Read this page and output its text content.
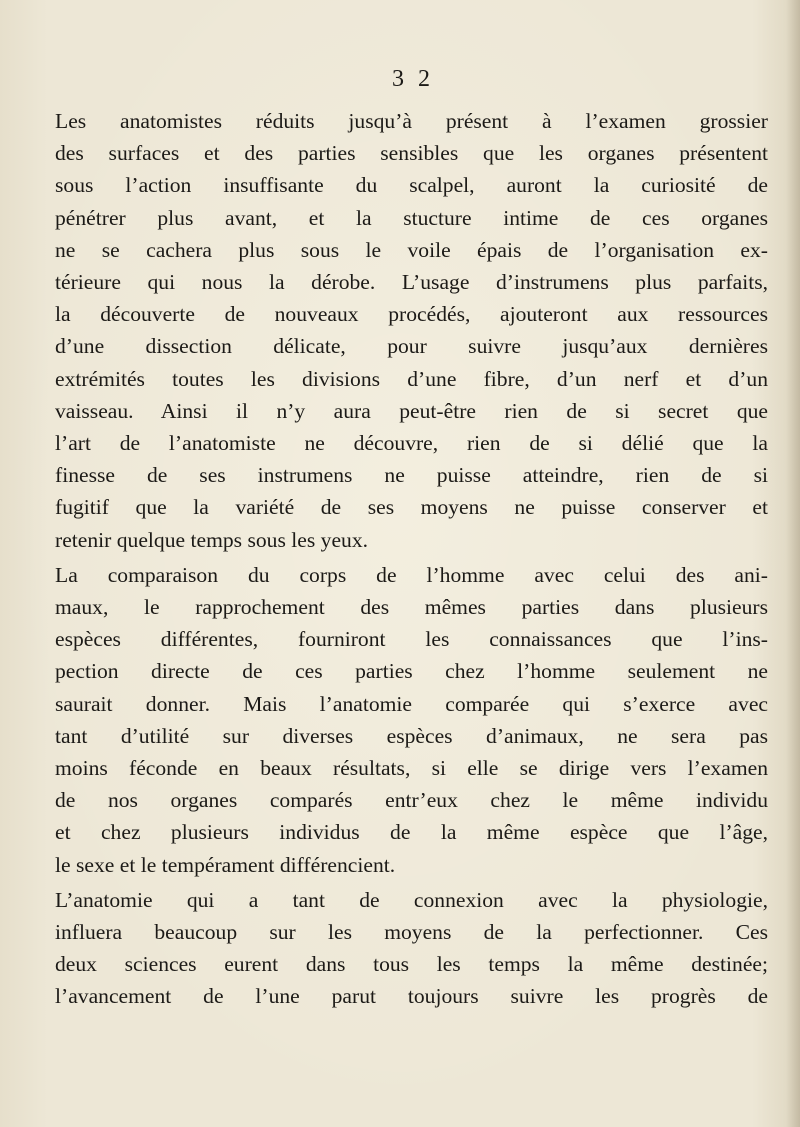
3 2
Les anatomistes réduits jusqu’à présent à l’examen grossier
des surfaces et des parties sensibles que les organes présentent
sous l’action insuffisante du scalpel, auront la curiosité de
pénétrer plus avant, et la stucture intime de ces organes
ne se cachera plus sous le voile épais de l’organisation ex-
térieure qui nous la dérobe. L’usage d’instrumens plus parfaits,
la découverte de nouveaux procédés, ajouteront aux ressources
d’une dissection délicate, pour suivre jusqu’aux dernières
extrémités toutes les divisions d’une fibre, d’un nerf et d’un
vaisseau. Ainsi il n’y aura peut-être rien de si secret que
l’art de l’anatomiste ne découvre, rien de si délié que la
finesse de ses instrumens ne puisse atteindre, rien de si
fugitif que la variété de ses moyens ne puisse conserver et
retenir quelque temps sous les yeux.
La comparaison du corps de l’homme avec celui des ani-
maux, le rapprochement des mêmes parties dans plusieurs
espèces différentes, fourniront les connaissances que l’ins-
pection directe de ces parties chez l’homme seulement ne
saurait donner. Mais l’anatomie comparée qui s’exerce avec
tant d’utilité sur diverses espèces d’animaux, ne sera pas
moins féconde en beaux résultats, si elle se dirige vers l’examen
de nos organes comparés entr’eux chez le même individu
et chez plusieurs individus de la même espèce que l’âge,
le sexe et le tempérament différencient.
L’anatomie qui a tant de connexion avec la physiologie,
influera beaucoup sur les moyens de la perfectionner. Ces
deux sciences eurent dans tous les temps la même destinée;
l’avancement de l’une parut toujours suivre les progrès de
